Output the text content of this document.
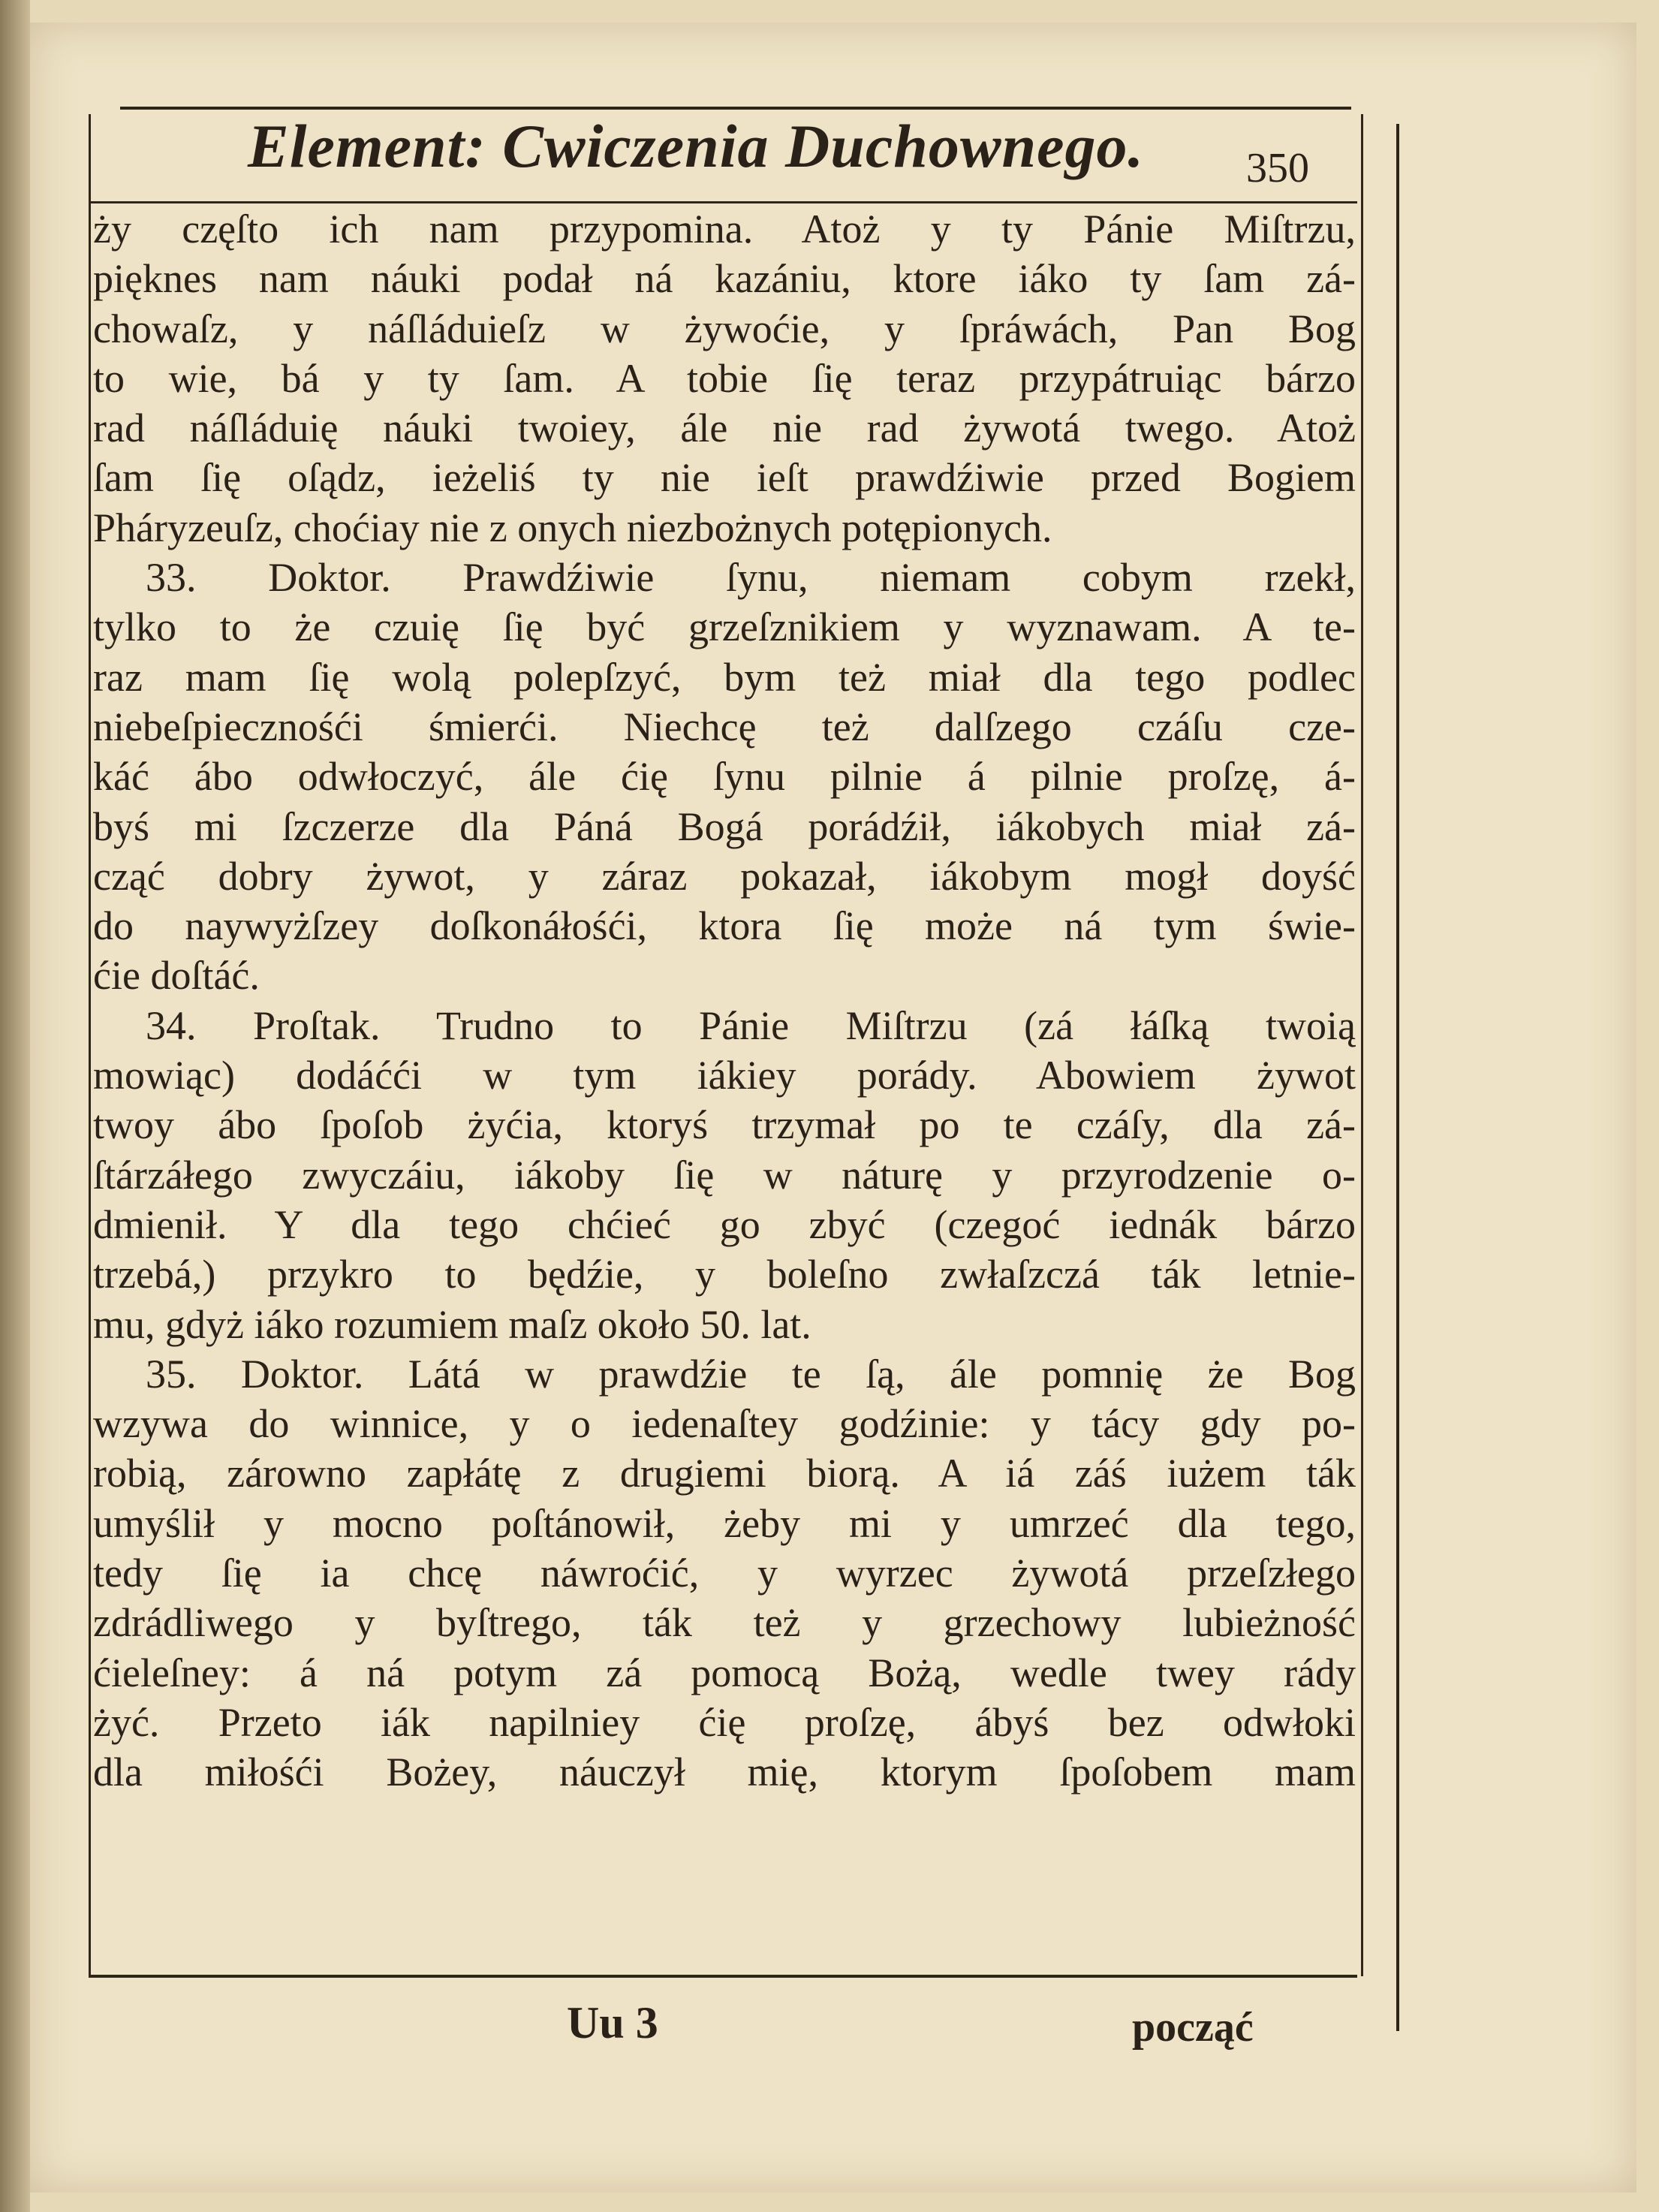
Element: Cwiczenia Duchownego. 350
ży częſto ich nam przypomina. Atoż y ty Pánie Miſtrzu,
pięknes nam náuki podał ná kazániu, ktore iáko ty ſam zá-
chowaſz, y náſláduieſz w żywoćie, y ſpráwách, Pan Bog
to wie, bá y ty ſam. A tobie ſię teraz przypátruiąc bárzo
rad náſláduię náuki twoiey, ále nie rad żywotá twego. Atoż
ſam ſię oſądz, ieżeliś ty nie ieſt prawdźiwie przed Bogiem
Pháryzeuſz, choćiay nie z onych niezbożnych potępionych.
33. Doktor. Prawdźiwie ſynu, niemam cobym rzekł,
tylko to że czuię ſię być grzeſznikiem y wyznawam. A te-
raz mam ſię wolą polepſzyć, bym też miał dla tego podlec
niebeſpiecznośći śmierći. Niechcę też dalſzego czáſu cze-
káć ábo odwłoczyć, ále ćię ſynu pilnie á pilnie proſzę, á-
byś mi ſzczerze dla Páná Bogá porádźił, iákobych miał zá-
cząć dobry żywot, y záraz pokazał, iákobym mogł doyść
do naywyżſzey doſkonáłośći, ktora ſię może ná tym świe-
ćie doſtáć.
34. Proſtak. Trudno to Pánie Miſtrzu (zá łáſką twoią
mowiąc) dodáćći w tym iákiey porády. Abowiem żywot
twoy ábo ſpoſob żyćia, ktoryś trzymał po te czáſy, dla zá-
ſtárzáłego zwyczáiu, iákoby ſię w náturę y przyrodzenie o-
dmienił. Y dla tego chćieć go zbyć (czegoć iednák bárzo
trzebá,) przykro to będźie, y boleſno zwłaſzczá ták letnie-
mu, gdyż iáko rozumiem maſz około 50. lat.
35. Doktor. Látá w prawdźie te ſą, ále pomnię że Bog
wzywa do winnice, y o iedenaſtey godźinie: y tácy gdy po-
robią, zárowno zapłátę z drugiemi biorą. A iá záś iużem ták
umyślił y mocno poſtánowił, żeby mi y umrzeć dla tego,
tedy ſię ia chcę náwroćić, y wyrzec żywotá przeſzłego
zdrádliwego y byſtrego, ták też y grzechowy lubieżność
ćieleſney: á ná potym zá pomocą Bożą, wedle twey rády
żyć. Przeto iák napilniey ćię proſzę, ábyś bez odwłoki
dla miłośći Bożey, náuczył mię, ktorym ſpoſobem mam
Uu 3	począć
